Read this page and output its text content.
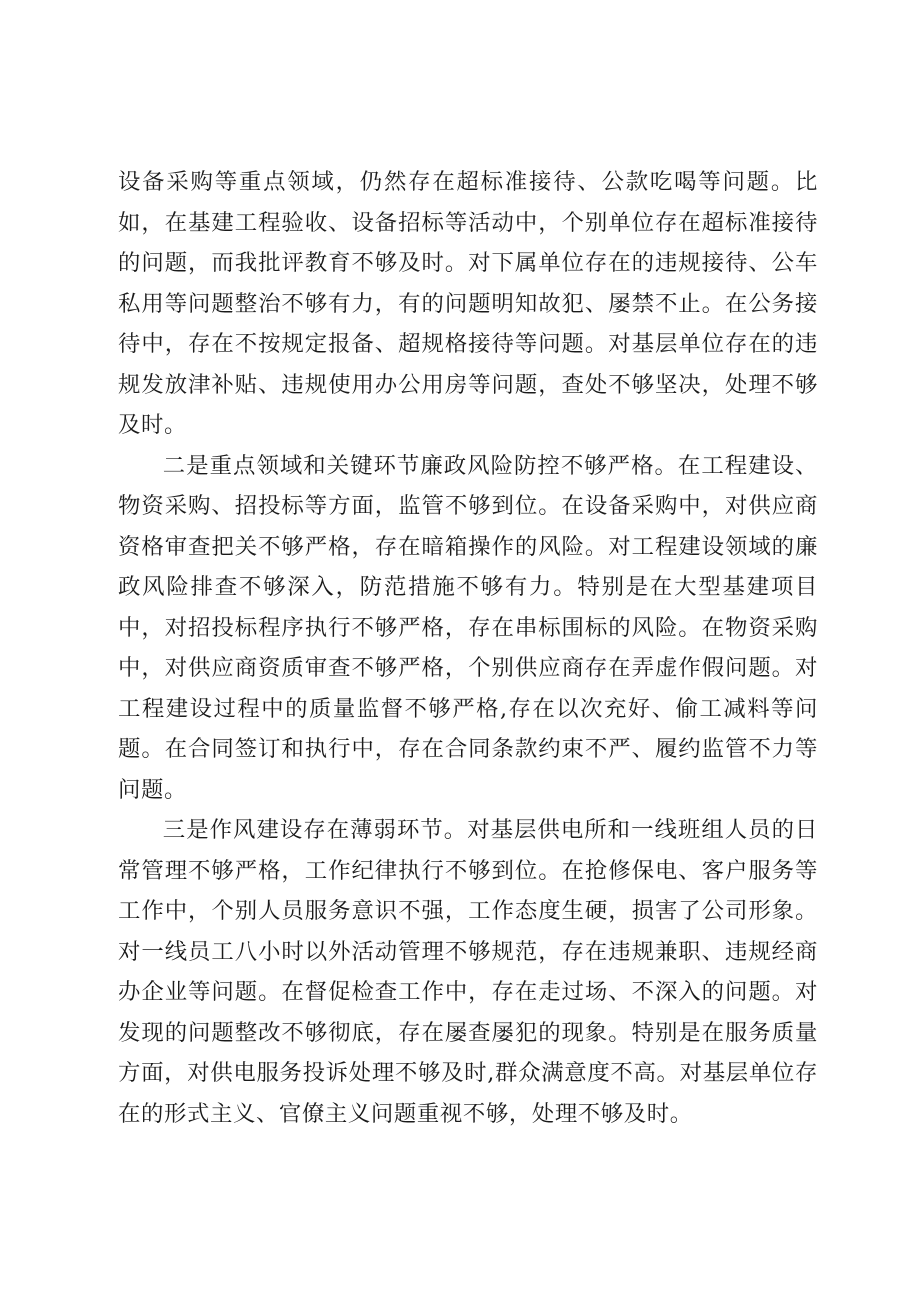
设备采购等重点领域，仍然存在超标准接待、公款吃喝等问题。比如，在基建工程验收、设备招标等活动中，个别单位存在超标准接待的问题，而我批评教育不够及时。对下属单位存在的违规接待、公车私用等问题整治不够有力，有的问题明知故犯、屡禁不止。在公务接待中，存在不按规定报备、超规格接待等问题。对基层单位存在的违规发放津补贴、违规使用办公用房等问题，查处不够坚决，处理不够及时。

二是重点领域和关键环节廉政风险防控不够严格。在工程建设、物资采购、招投标等方面，监管不够到位。在设备采购中，对供应商资格审查把关不够严格，存在暗箱操作的风险。对工程建设领域的廉政风险排查不够深入，防范措施不够有力。特别是在大型基建项目中，对招投标程序执行不够严格，存在串标围标的风险。在物资采购中，对供应商资质审查不够严格，个别供应商存在弄虚作假问题。对工程建设过程中的质量监督不够严格,存在以次充好、偷工减料等问题。在合同签订和执行中，存在合同条款约束不严、履约监管不力等问题。

三是作风建设存在薄弱环节。对基层供电所和一线班组人员的日常管理不够严格，工作纪律执行不够到位。在抢修保电、客户服务等工作中，个别人员服务意识不强，工作态度生硬，损害了公司形象。对一线员工八小时以外活动管理不够规范，存在违规兼职、违规经商办企业等问题。在督促检查工作中，存在走过场、不深入的问题。对发现的问题整改不够彻底，存在屡查屡犯的现象。特别是在服务质量方面，对供电服务投诉处理不够及时,群众满意度不高。对基层单位存在的形式主义、官僚主义问题重视不够，处理不够及时。
